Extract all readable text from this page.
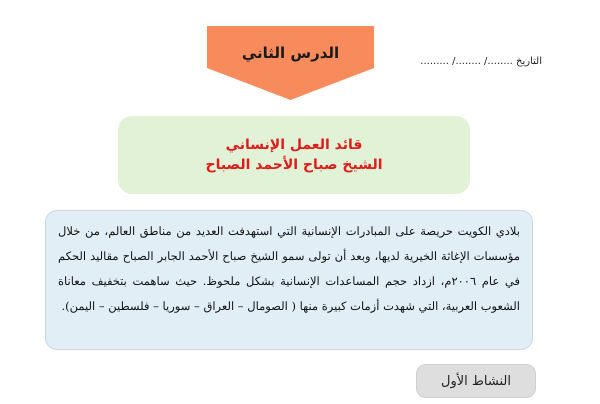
الدرس الثاني	التاريخ ......../ ......../ .........
قائد العمل الإنساني
الشيخ صباح الأحمد الصباح

بلادي الكويت حريصة على المبادرات الإنسانية التي استهدفت العديد من مناطق العالم، من خلال مؤسسات الإغاثة الخيرية لديها، وبعد أن تولى سمو الشيخ صباح الأحمد الجابر الصباح مقاليد الحكم في عام ٢٠٠٦م، ازداد حجم المساعدات الإنسانية بشكل ملحوظ. حيث ساهمت بتخفيف معاناة الشعوب العربية، التي شهدت أزمات كبيرة منها ( الصومال – العراق – سوريا – فلسطين – اليمن).

النشاط الأول
